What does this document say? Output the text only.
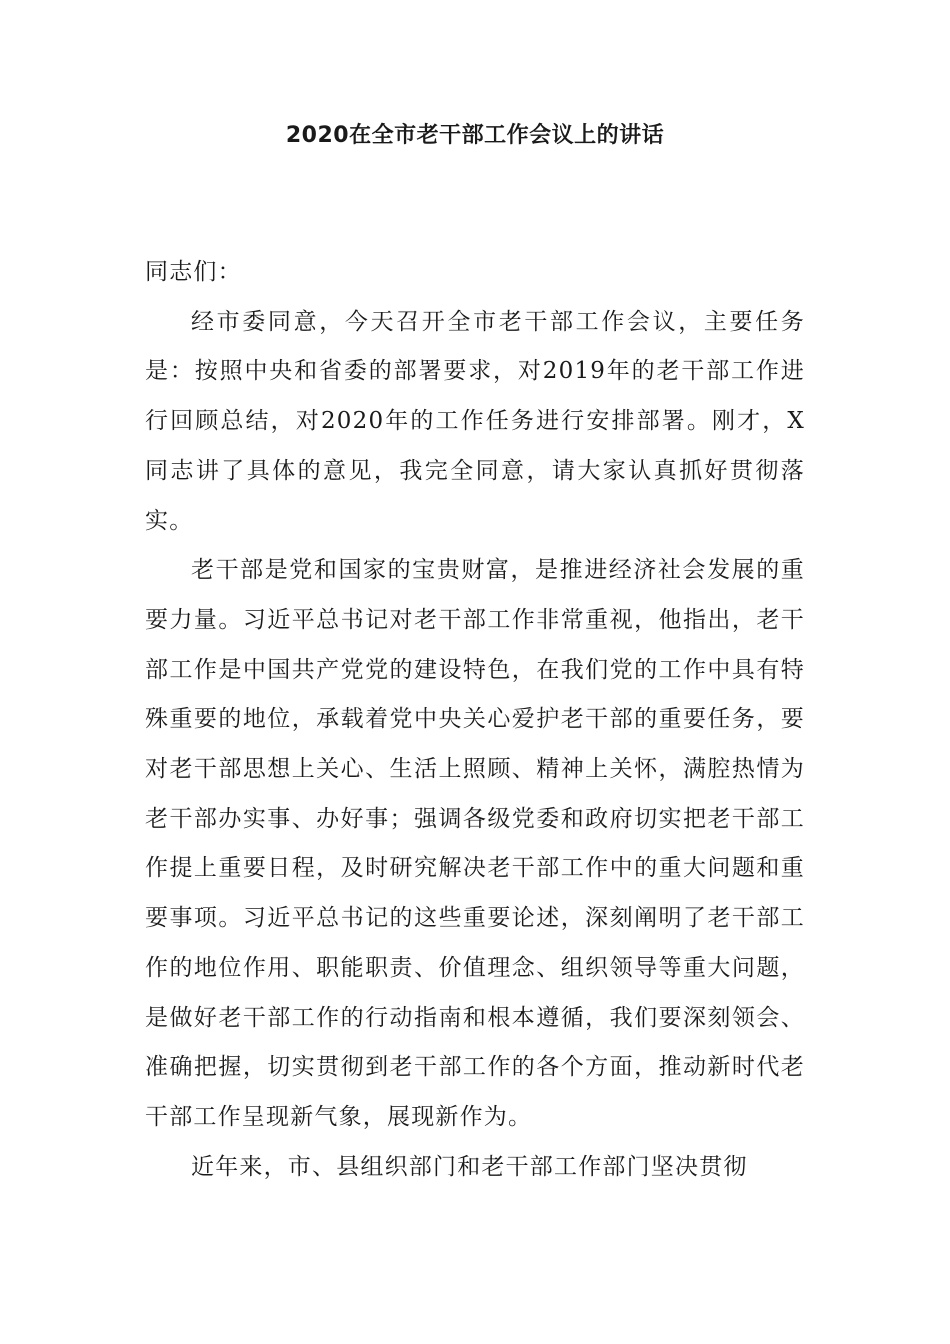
2020在全市老干部工作会议上的讲话

同志们：

经市委同意，今天召开全市老干部工作会议，主要任务是：按照中央和省委的部署要求，对2019年的老干部工作进行回顾总结，对2020年的工作任务进行安排部署。刚才，X同志讲了具体的意见，我完全同意，请大家认真抓好贯彻落实。

老干部是党和国家的宝贵财富，是推进经济社会发展的重要力量。习近平总书记对老干部工作非常重视，他指出，老干部工作是中国共产党党的建设特色，在我们党的工作中具有特殊重要的地位，承载着党中央关心爱护老干部的重要任务，要对老干部思想上关心、生活上照顾、精神上关怀，满腔热情为老干部办实事、办好事；强调各级党委和政府切实把老干部工作提上重要日程，及时研究解决老干部工作中的重大问题和重要事项。习近平总书记的这些重要论述，深刻阐明了老干部工作的地位作用、职能职责、价值理念、组织领导等重大问题，是做好老干部工作的行动指南和根本遵循，我们要深刻领会、准确把握，切实贯彻到老干部工作的各个方面，推动新时代老干部工作呈现新气象，展现新作为。

近年来，市、县组织部门和老干部工作部门坚决贯彻
